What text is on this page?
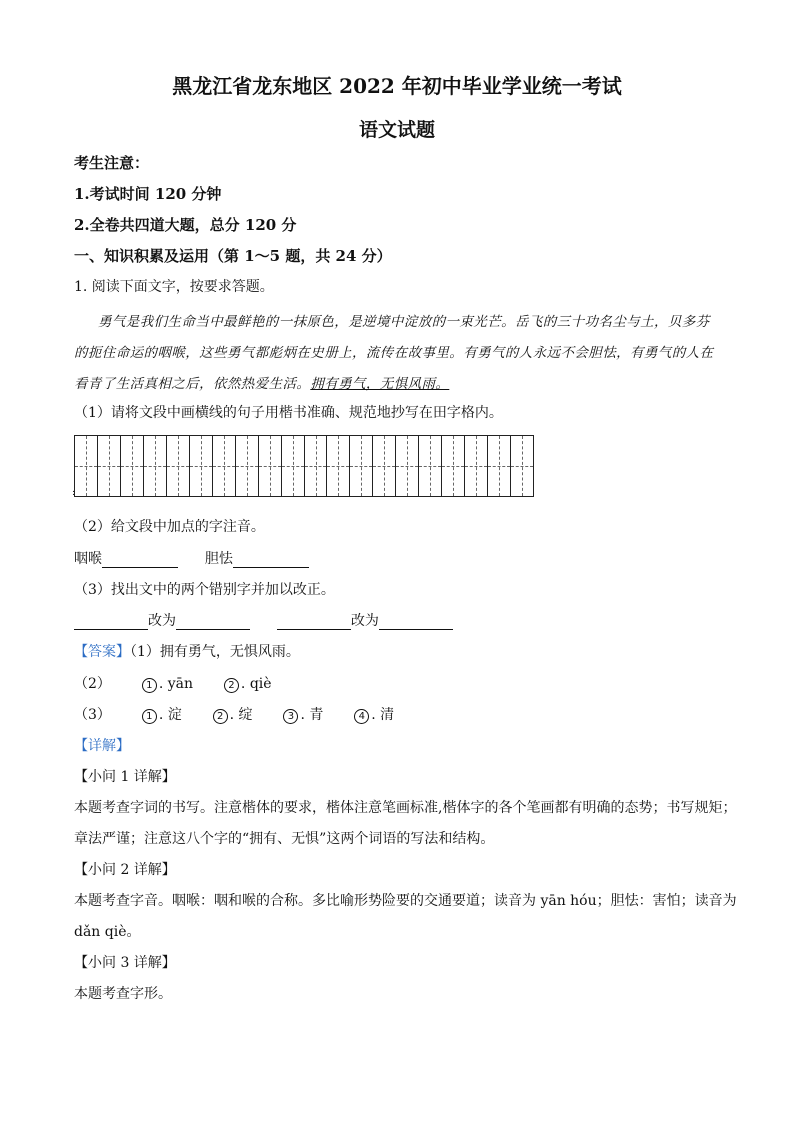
黑龙江省龙东地区 2022 年初中毕业学业统一考试
语文试题
考生注意：
1.考试时间 120 分钟
2.全卷共四道大题，总分 120 分
一、知识积累及运用（第 1～5 题，共 24 分）
1. 阅读下面文字，按要求答题。
勇气是我们生命当中最鲜艳的一抹原色，是逆境中淀放的一束光芒。岳飞的三十功名尘与土，贝多芬
的扼住命运的咽喉，这些勇气都彪炳在史册上，流传在故事里。有勇气的人永远不会胆怯，有勇气的人在
看青了生活真相之后，依然热爱生活。拥有勇气，无惧风雨。
（1）请将文段中画横线的句子用楷书准确、规范地抄写在田字格内。
:
（2）给文段中加点的字注音。
咽喉	胆怯
（3）找出文中的两个错别字并加以改正。
改为	改为
【答案】（1）拥有勇气，无惧风雨。
（2）	1 . yān	2 . qiè
（3）	1 . 淀	2 . 绽	3 . 青	4 . 清
【详解】
【小问 1 详解】
本题考查字词的书写。注意楷体的要求，楷体注意笔画标准,楷体字的各个笔画都有明确的态势；书写规矩；
章法严谨；注意这八个字的“拥有、无惧”这两个词语的写法和结构。
【小问 2 详解】
本题考查字音。咽喉：咽和喉的合称。多比喻形势险要的交通要道；读音为 yān hóu；胆怯：害怕；读音为
dǎn qiè。
【小问 3 详解】
本题考查字形。
